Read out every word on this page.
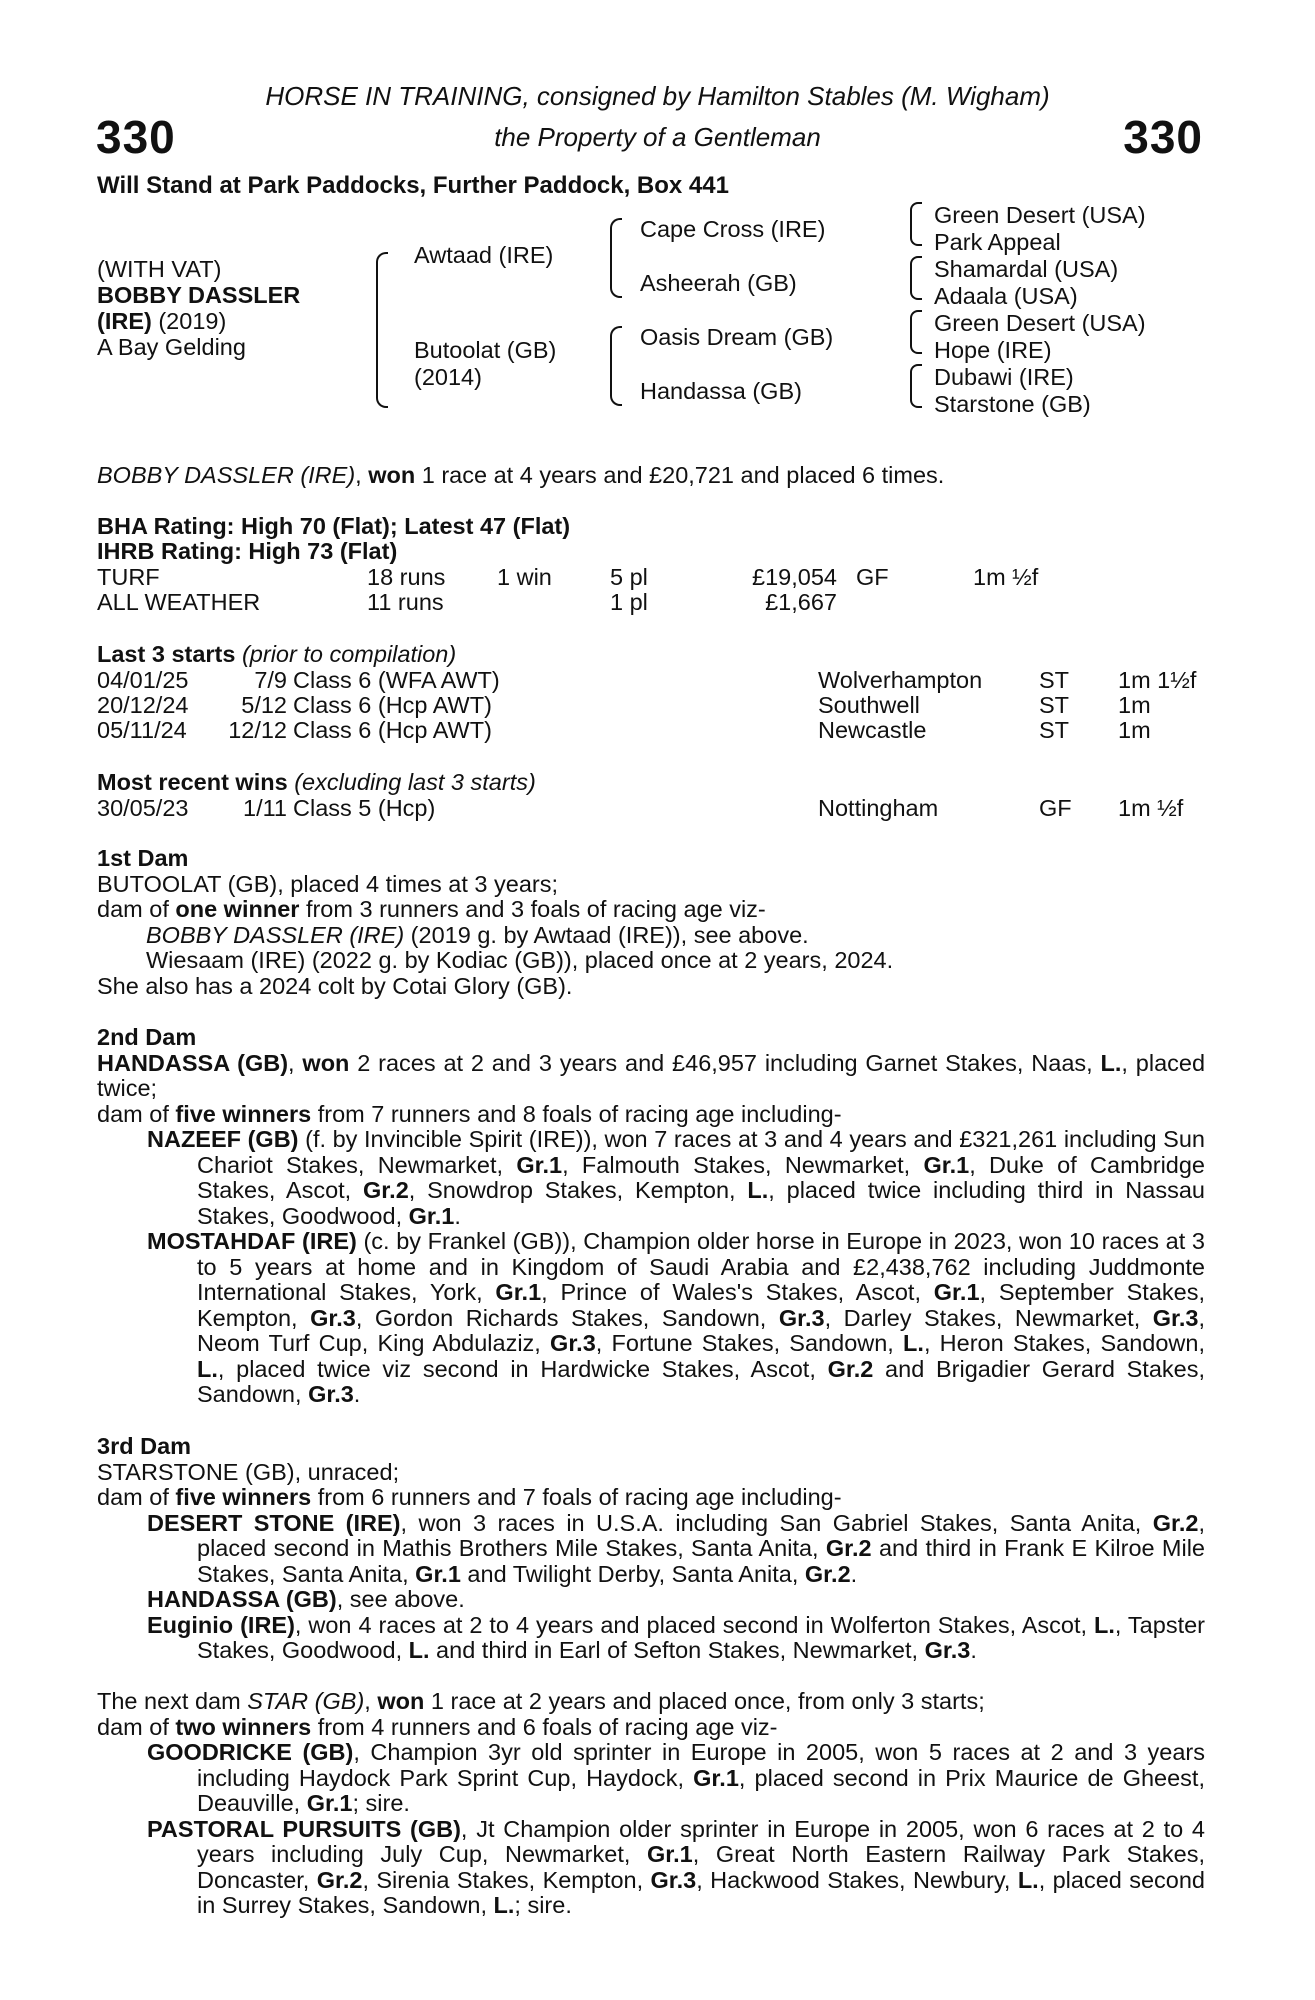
330	330
HORSE IN TRAINING, consigned by Hamilton Stables (M. Wigham)
the Property of a Gentleman
Will Stand at Park Paddocks, Further Paddock, Box 441
(WITH VAT)
BOBBY DASSLER
(IRE) (2019)
A Bay Gelding
Awtaad (IRE)
Butoolat (GB)
(2014)
Cape Cross (IRE)
Asheerah (GB)
Oasis Dream (GB)
Handassa (GB)
Green Desert (USA)
Park Appeal
Shamardal (USA)
Adaala (USA)
Green Desert (USA)
Hope (IRE)
Dubawi (IRE)
Starstone (GB)
BOBBY DASSLER (IRE), won 1 race at 4 years and £20,721 and placed 6 times.
BHA Rating: High 70 (Flat); Latest 47 (Flat)
IHRB Rating: High 73 (Flat)
TURF	18 runs 1 win 5 pl	£19,054 GF	1m ½f
ALL WEATHER	11 runs	1 pl	£1,667
Last 3 starts (prior to compilation)
04/01/25	7/9 Class 6 (WFA AWT)	Wolverhampton ST 1m 1½f
20/12/24	5/12 Class 6 (Hcp AWT)	Southwell	ST 1m
05/11/24	12/12 Class 6 (Hcp AWT)	Newcastle	ST 1m
Most recent wins (excluding last 3 starts)
30/05/23	1/11 Class 5 (Hcp)	Nottingham	GF 1m ½f

1st Dam

BUTOOLAT (GB), placed 4 times at 3 years;

dam of one winner from 3 runners and 3 foals of racing age viz-

BOBBY DASSLER (IRE) (2019 g. by Awtaad (IRE)), see above.

Wiesaam (IRE) (2022 g. by Kodiac (GB)), placed once at 2 years, 2024.

She also has a 2024 colt by Cotai Glory (GB).

2nd Dam

HANDASSA (GB), won 2 races at 2 and 3 years and £46,957 including Garnet Stakes, Naas, L., placed twice;

dam of five winners from 7 runners and 8 foals of racing age including-

NAZEEF (GB) (f. by Invincible Spirit (IRE)), won 7 races at 3 and 4 years and £321,261 including Sun Chariot Stakes, Newmarket, Gr.1, Falmouth Stakes, Newmarket, Gr.1, Duke of Cambridge Stakes, Ascot, Gr.2, Snowdrop Stakes, Kempton, L., placed twice including third in Nassau Stakes, Goodwood, Gr.1.

MOSTAHDAF (IRE) (c. by Frankel (GB)), Champion older horse in Europe in 2023, won 10 races at 3 to 5 years at home and in Kingdom of Saudi Arabia and £2,438,762 including Juddmonte International Stakes, York, Gr.1, Prince of Wales's Stakes, Ascot, Gr.1, September Stakes, Kempton, Gr.3, Gordon Richards Stakes, Sandown, Gr.3, Darley Stakes, Newmarket, Gr.3, Neom Turf Cup, King Abdulaziz, Gr.3, Fortune Stakes, Sandown, L., Heron Stakes, Sandown, L., placed twice viz second in Hardwicke Stakes, Ascot, Gr.2 and Brigadier Gerard Stakes, Sandown, Gr.3.

3rd Dam

STARSTONE (GB), unraced;

dam of five winners from 6 runners and 7 foals of racing age including-

DESERT STONE (IRE), won 3 races in U.S.A. including San Gabriel Stakes, Santa Anita, Gr.2, placed second in Mathis Brothers Mile Stakes, Santa Anita, Gr.2 and third in Frank E Kilroe Mile Stakes, Santa Anita, Gr.1 and Twilight Derby, Santa Anita, Gr.2.

HANDASSA (GB), see above.

Euginio (IRE), won 4 races at 2 to 4 years and placed second in Wolferton Stakes, Ascot, L., Tapster Stakes, Goodwood, L. and third in Earl of Sefton Stakes, Newmarket, Gr.3.

The next dam STAR (GB), won 1 race at 2 years and placed once, from only 3 starts;

dam of two winners from 4 runners and 6 foals of racing age viz-

GOODRICKE (GB), Champion 3yr old sprinter in Europe in 2005, won 5 races at 2 and 3 years including Haydock Park Sprint Cup, Haydock, Gr.1, placed second in Prix Maurice de Gheest, Deauville, Gr.1; sire.

PASTORAL PURSUITS (GB), Jt Champion older sprinter in Europe in 2005, won 6 races at 2 to 4 years including July Cup, Newmarket, Gr.1, Great North Eastern Railway Park Stakes, Doncaster, Gr.2, Sirenia Stakes, Kempton, Gr.3, Hackwood Stakes, Newbury, L., placed second in Surrey Stakes, Sandown, L.; sire.
